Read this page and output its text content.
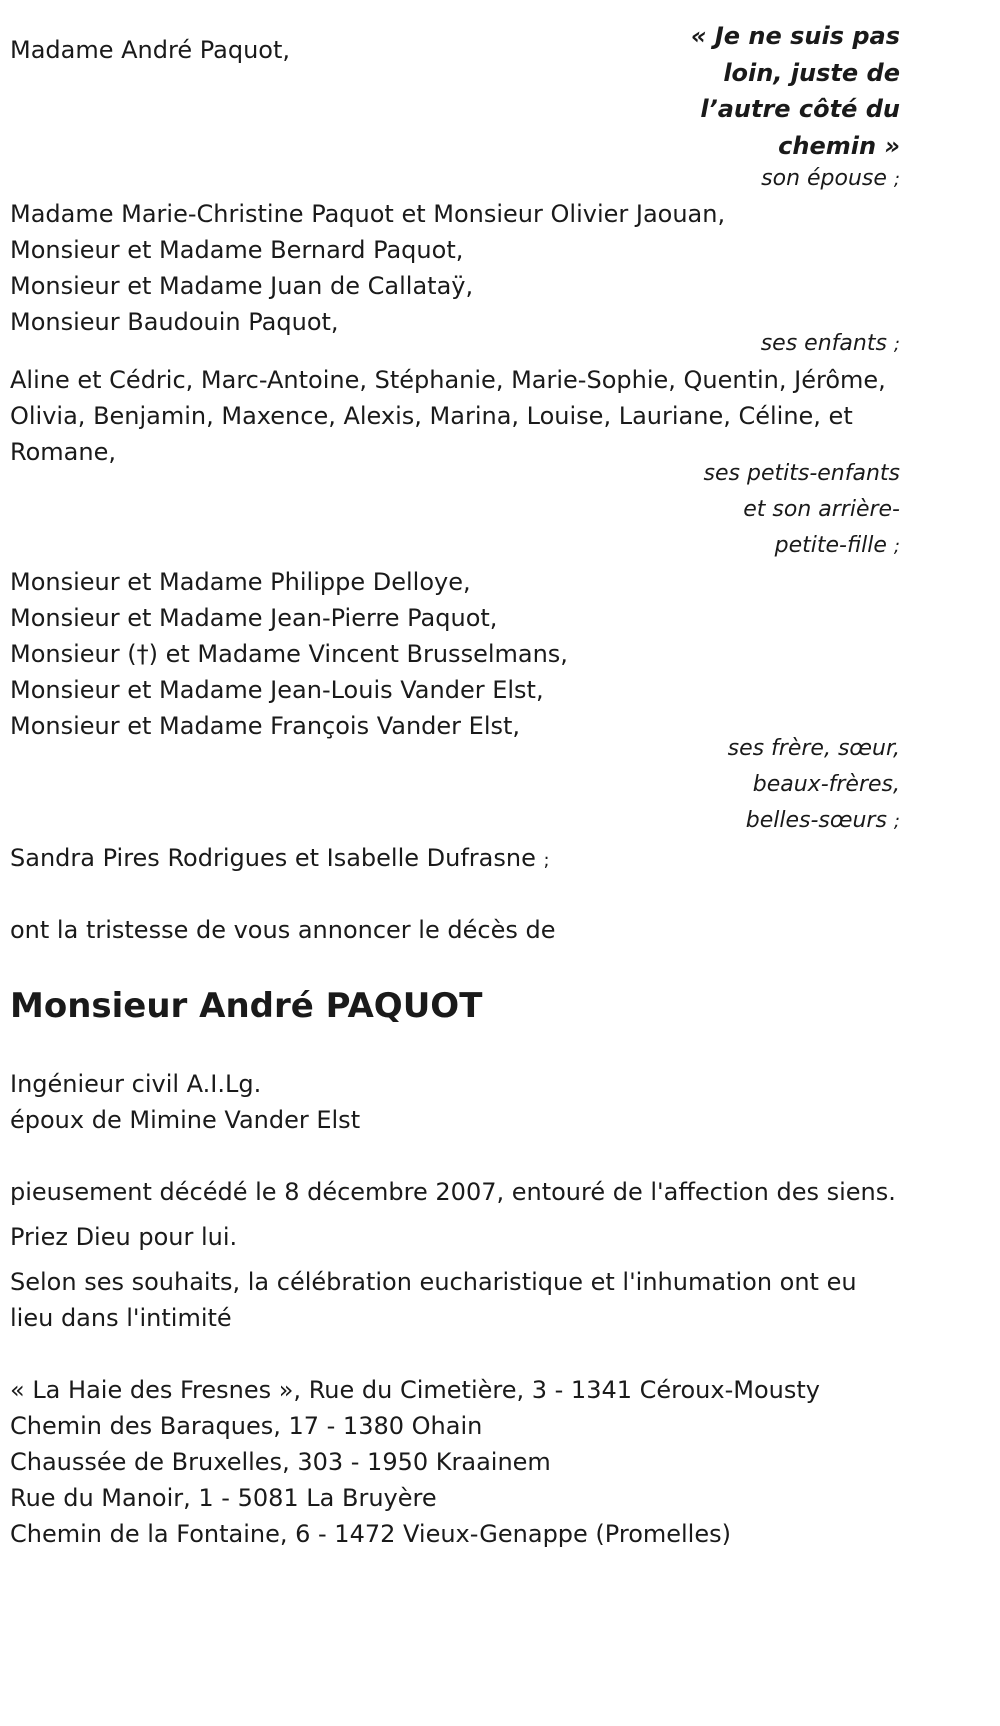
Madame André Paquot,	« Je ne suis pas
loin, juste de
l’autre côté du
chemin »
son épouse ;
Madame Marie-Christine Paquot et Monsieur Olivier Jaouan,
Monsieur et Madame Bernard Paquot,
Monsieur et Madame Juan de Callataÿ,
Monsieur Baudouin Paquot,
ses enfants ;
Aline et Cédric, Marc-Antoine, Stéphanie, Marie-Sophie, Quentin, Jérôme,
Olivia, Benjamin, Maxence, Alexis, Marina, Louise, Lauriane, Céline, et
Romane,
ses petits-enfants
et son arrière-
petite-fille ;
Monsieur et Madame Philippe Delloye,
Monsieur et Madame Jean-Pierre Paquot,
Monsieur (†) et Madame Vincent Brusselmans,
Monsieur et Madame Jean-Louis Vander Elst,
Monsieur et Madame François Vander Elst,
ses frère, sœur,
beaux-frères,
belles-sœurs ;
Sandra Pires Rodrigues et Isabelle Dufrasne ;
ont la tristesse de vous annoncer le décès de
Monsieur André PAQUOT
Ingénieur civil A.I.Lg.
époux de Mimine Vander Elst
pieusement décédé le 8 décembre 2007, entouré de l'affection des siens.
Priez Dieu pour lui.
Selon ses souhaits, la célébration eucharistique et l'inhumation ont eu lieu dans l'intimité
« La Haie des Fresnes », Rue du Cimetière, 3 - 1341 Céroux-Mousty
Chemin des Baraques, 17 - 1380 Ohain
Chaussée de Bruxelles, 303 - 1950 Kraainem
Rue du Manoir, 1 - 5081 La Bruyère
Chemin de la Fontaine, 6 - 1472 Vieux-Genappe (Promelles)
